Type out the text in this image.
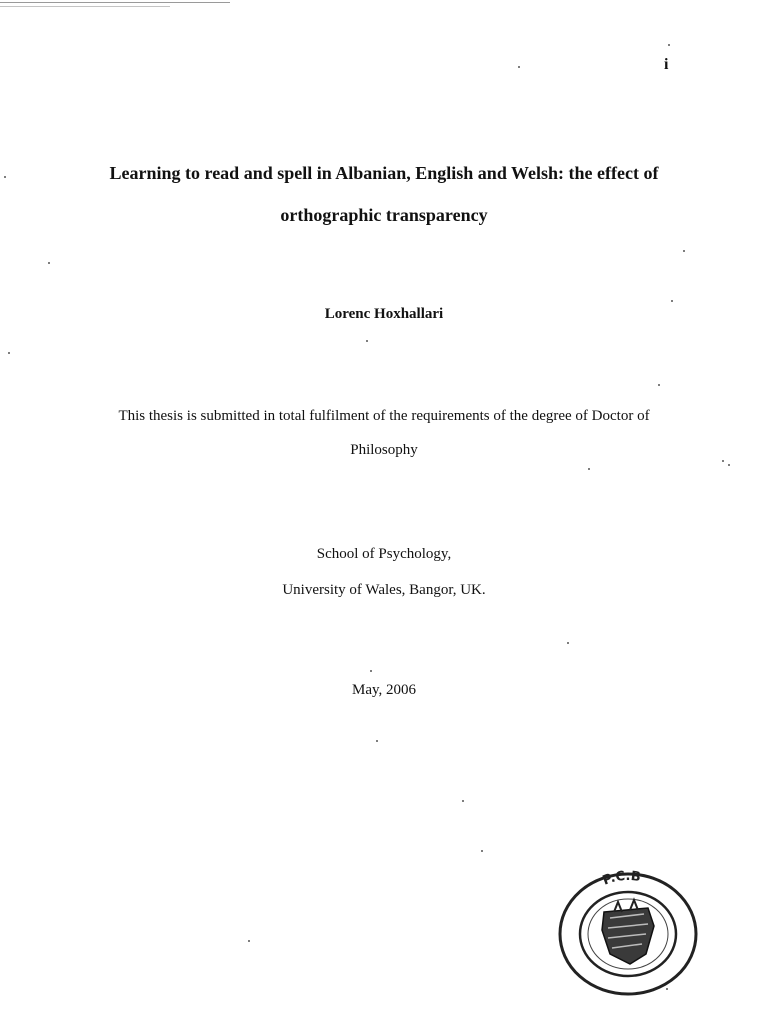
i
Learning to read and spell in Albanian, English and Welsh: the effect of
orthographic transparency
Lorenc Hoxhallari
This thesis is submitted in total fulfilment of the requirements of the degree of Doctor of
Philosophy
School of Psychology,
University of Wales, Bangor, UK.
May, 2006
P.C.B
